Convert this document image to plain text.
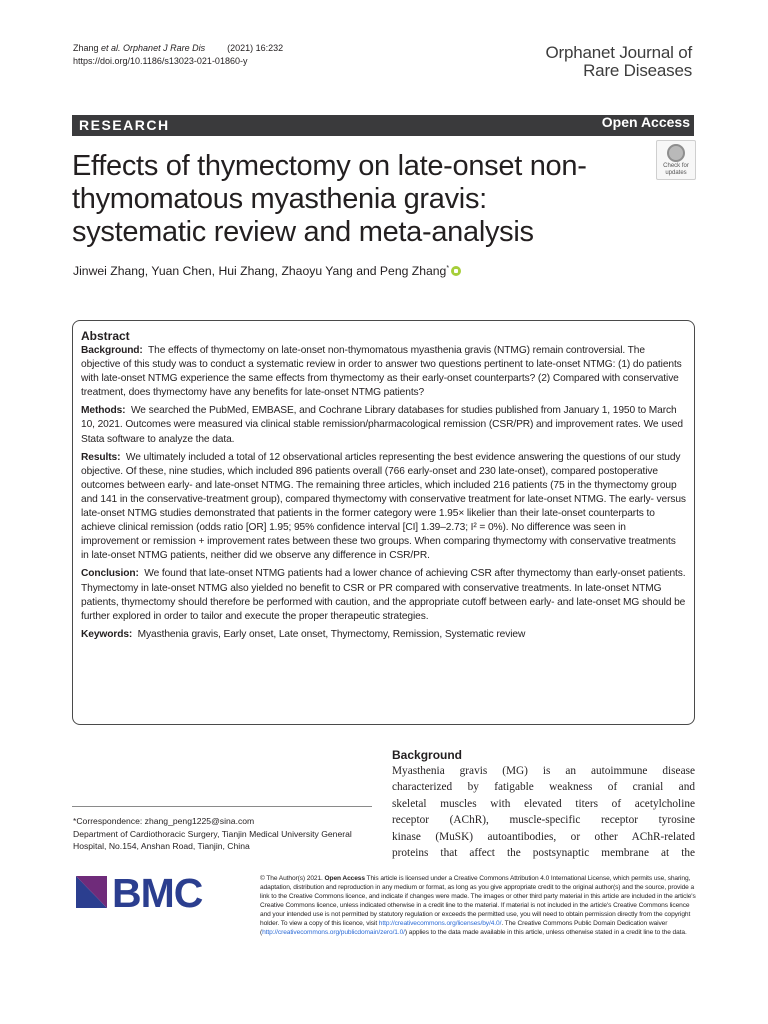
Zhang et al. Orphanet J Rare Dis (2021) 16:232
https://doi.org/10.1186/s13023-021-01860-y	Orphanet Journal of
Rare Diseases
RESEARCH	Open Access
Effects of thymectomy on late-onset non-thymomatous myasthenia gravis: systematic review and meta-analysis
Check for updates
Jinwei Zhang, Yuan Chen, Hui Zhang, Zhaoyu Yang and Peng Zhang*
Abstract

Background: The effects of thymectomy on late-onset non-thymomatous myasthenia gravis (NTMG) remain controversial. The objective of this study was to conduct a systematic review in order to answer two questions pertinent to late-onset NTMG: (1) do patients with late-onset NTMG experience the same effects from thymectomy as their early-onset counterparts? (2) Compared with conservative treatment, does thymectomy have any benefits for late-onset NTMG patients?

Methods: We searched the PubMed, EMBASE, and Cochrane Library databases for studies published from January 1, 1950 to March 10, 2021. Outcomes were measured via clinical stable remission/pharmacological remission (CSR/PR) and improvement rates. We used Stata software to analyze the data.

Results: We ultimately included a total of 12 observational articles representing the best evidence answering the questions of our study objective. Of these, nine studies, which included 896 patients overall (766 early-onset and 230 late-onset), compared postoperative outcomes between early- and late-onset NTMG. The remaining three articles, which included 216 patients (75 in the thymectomy group and 141 in the conservative-treatment group), compared thymectomy with conservative treatment for late-onset NTMG. The early- versus late-onset NTMG studies demonstrated that patients in the former category were 1.95× likelier than their late-onset counterparts to achieve clinical remission (odds ratio [OR] 1.95; 95% confidence interval [CI] 1.39–2.73; I² = 0%). No difference was seen in improvement or remission + improvement rates between these two groups. When comparing thymectomy with conservative treatments in late-onset NTMG patients, neither did we observe any difference in CSR/PR.

Conclusion: We found that late-onset NTMG patients had a lower chance of achieving CSR after thymectomy than early-onset patients. Thymectomy in late-onset NTMG also yielded no benefit to CSR or PR compared with conservative treatments. In late-onset NTMG patients, thymectomy should therefore be performed with caution, and the appropriate cutoff between early- and late-onset MG should be further explored in order to tailor and execute the proper therapeutic strategies.

Keywords: Myasthenia gravis, Early onset, Late onset, Thymectomy, Remission, Systematic review

Background
Myasthenia gravis (MG) is an autoimmune disease
characterized by fatigable weakness of cranial and
skeletal muscles with elevated titers of acetylcholine
receptor (AChR), muscle-specific receptor tyrosine
kinase (MuSK) autoantibodies, or other AChR-related
proteins that affect the postsynaptic membrane at the
*Correspondence: zhang_peng1225@sina.com
Department of Cardiothoracic Surgery, Tianjin Medical University General
Hospital, No.154, Anshan Road, Tianjin, China
BMC	© The Author(s) 2021. Open Access This article is licensed under a Creative Commons Attribution 4.0 International License, which permits use, sharing, adaptation, distribution and reproduction in any medium or format, as long as you give appropriate credit to the original author(s) and the source, provide a link to the Creative Commons licence, and indicate if changes were made. The images or other third party material in this article are included in the article's Creative Commons licence, unless indicated otherwise in a credit line to the material. If material is not included in the article's Creative Commons licence and your intended use is not permitted by statutory regulation or exceeds the permitted use, you will need to obtain permission directly from the copyright holder. To view a copy of this licence, visit http://creativecommons.org/licenses/by/4.0/. The Creative Commons Public Domain Dedication waiver (http://creativecommons.org/publicdomain/zero/1.0/) applies to the data made available in this article, unless otherwise stated in a credit line to the data.
